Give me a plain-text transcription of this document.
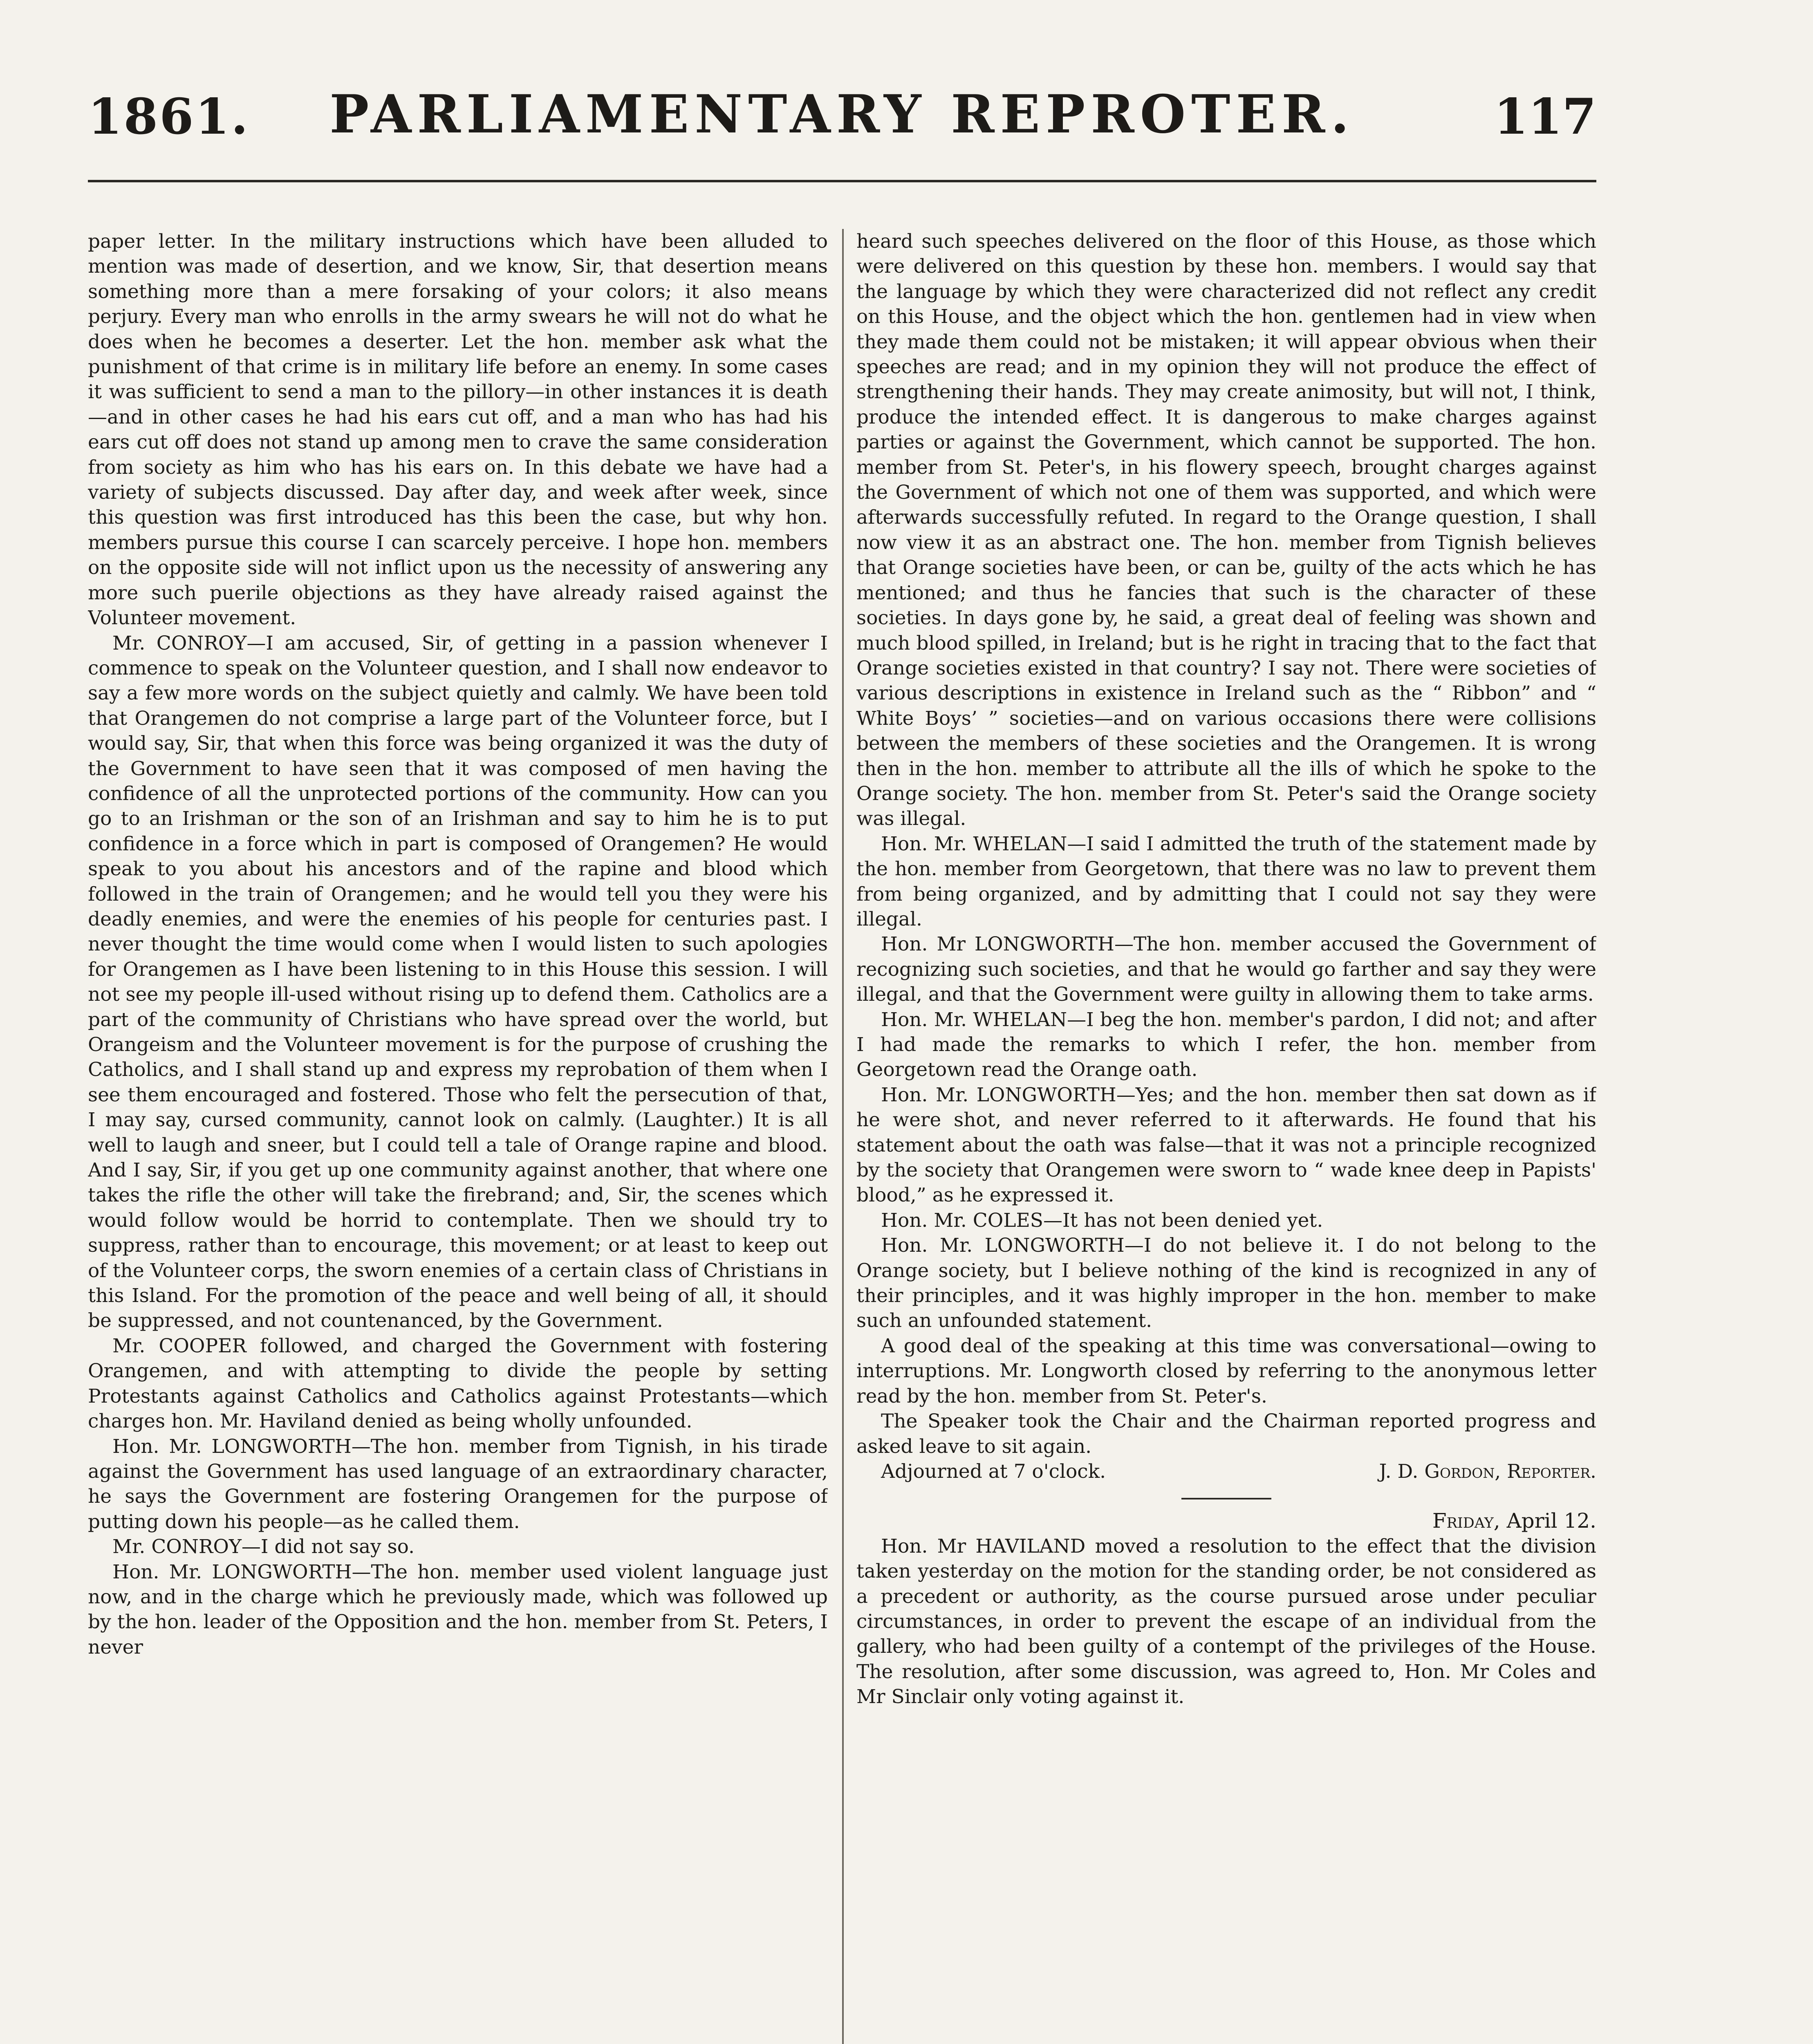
1861.	PARLIAMENTARY REPROTER.	117

paper letter. In the military instructions which have been alluded to mention was made of desertion, and we know, Sir, that desertion means something more than a mere forsaking of your colors; it also means perjury. Every man who enrolls in the army swears he will not do what he does when he becomes a deserter. Let the hon. member ask what the punishment of that crime is in military life before an enemy. In some cases it was sufficient to send a man to the pillory—in other instances it is death—and in other cases he had his ears cut off, and a man who has had his ears cut off does not stand up among men to crave the same consideration from society as him who has his ears on. In this debate we have had a variety of subjects discussed. Day after day, and week after week, since this question was first introduced has this been the case, but why hon. members pursue this course I can scarcely perceive. I hope hon. members on the opposite side will not inflict upon us the necessity of answering any more such puerile objections as they have already raised against the Volunteer movement.

Mr. CONROY—I am accused, Sir, of getting in a passion whenever I commence to speak on the Volunteer question, and I shall now endeavor to say a few more words on the subject quietly and calmly. We have been told that Orangemen do not comprise a large part of the Volunteer force, but I would say, Sir, that when this force was being organized it was the duty of the Government to have seen that it was composed of men having the confidence of all the unprotected portions of the community. How can you go to an Irishman or the son of an Irishman and say to him he is to put confidence in a force which in part is composed of Orangemen? He would speak to you about his ancestors and of the rapine and blood which followed in the train of Orangemen; and he would tell you they were his deadly enemies, and were the enemies of his people for centuries past. I never thought the time would come when I would listen to such apologies for Orangemen as I have been listening to in this House this session. I will not see my people ill-used without rising up to defend them. Catholics are a part of the community of Christians who have spread over the world, but Orangeism and the Volunteer movement is for the purpose of crushing the Catholics, and I shall stand up and express my reprobation of them when I see them encouraged and fostered. Those who felt the persecution of that, I may say, cursed community, cannot look on calmly. (Laughter.) It is all well to laugh and sneer, but I could tell a tale of Orange rapine and blood. And I say, Sir, if you get up one community against another, that where one takes the rifle the other will take the firebrand; and, Sir, the scenes which would follow would be horrid to contemplate. Then we should try to suppress, rather than to encourage, this movement; or at least to keep out of the Volunteer corps, the sworn enemies of a certain class of Christians in this Island. For the promotion of the peace and well being of all, it should be suppressed, and not countenanced, by the Government.

Mr. COOPER followed, and charged the Government with fostering Orangemen, and with attempting to divide the people by setting Protestants against Catholics and Catholics against Protestants—which charges hon. Mr. Haviland denied as being wholly unfounded.

Hon. Mr. LONGWORTH—The hon. member from Tignish, in his tirade against the Government has used language of an extraordinary character, he says the Government are fostering Orangemen for the purpose of putting down his people—as he called them.

Mr. CONROY—I did not say so.

Hon. Mr. LONGWORTH—The hon. member used violent language just now, and in the charge which he previously made, which was followed up by the hon. leader of the Opposition and the hon. member from St. Peters, I never

heard such speeches delivered on the floor of this House, as those which were delivered on this question by these hon. members. I would say that the language by which they were characterized did not reflect any credit on this House, and the object which the hon. gentlemen had in view when they made them could not be mistaken; it will appear obvious when their speeches are read; and in my opinion they will not produce the effect of strengthening their hands. They may create animosity, but will not, I think, produce the intended effect. It is dangerous to make charges against parties or against the Government, which cannot be supported. The hon. member from St. Peter's, in his flowery speech, brought charges against the Government of which not one of them was supported, and which were afterwards successfully refuted. In regard to the Orange question, I shall now view it as an abstract one. The hon. member from Tignish believes that Orange societies have been, or can be, guilty of the acts which he has mentioned; and thus he fancies that such is the character of these societies. In days gone by, he said, a great deal of feeling was shown and much blood spilled, in Ireland; but is he right in tracing that to the fact that Orange societies existed in that country? I say not. There were societies of various descriptions in existence in Ireland such as the “ Ribbon” and “ White Boys’ ” societies—and on various occasions there were collisions between the members of these societies and the Orangemen. It is wrong then in the hon. member to attribute all the ills of which he spoke to the Orange society. The hon. member from St. Peter's said the Orange society was illegal.

Hon. Mr. WHELAN—I said I admitted the truth of the statement made by the hon. member from Georgetown, that there was no law to prevent them from being organized, and by admitting that I could not say they were illegal.

Hon. Mr LONGWORTH—The hon. member accused the Government of recognizing such societies, and that he would go farther and say they were illegal, and that the Government were guilty in allowing them to take arms.

Hon. Mr. WHELAN—I beg the hon. member's pardon, I did not; and after I had made the remarks to which I refer, the hon. member from Georgetown read the Orange oath.

Hon. Mr. LONGWORTH—Yes; and the hon. member then sat down as if he were shot, and never referred to it afterwards. He found that his statement about the oath was false—that it was not a principle recognized by the society that Orangemen were sworn to “ wade knee deep in Papists' blood,” as he expressed it.

Hon. Mr. COLES—It has not been denied yet.

Hon. Mr. LONGWORTH—I do not believe it. I do not belong to the Orange society, but I believe nothing of the kind is recognized in any of their principles, and it was highly improper in the hon. member to make such an unfounded statement.

A good deal of the speaking at this time was conversational—owing to interruptions. Mr. Longworth closed by referring to the anonymous letter read by the hon. member from St. Peter's.

The Speaker took the Chair and the Chairman reported progress and asked leave to sit again.

Adjourned at 7 o'clock.	J. D. Gordon, Reporter.

Friday, April 12.

Hon. Mr HAVILAND moved a resolution to the effect that the division taken yesterday on the motion for the standing order, be not considered as a precedent or authority, as the course pursued arose under peculiar circumstances, in order to prevent the escape of an individual from the gallery, who had been guilty of a contempt of the privileges of the House. The resolution, after some discussion, was agreed to, Hon. Mr Coles and Mr Sinclair only voting against it.
